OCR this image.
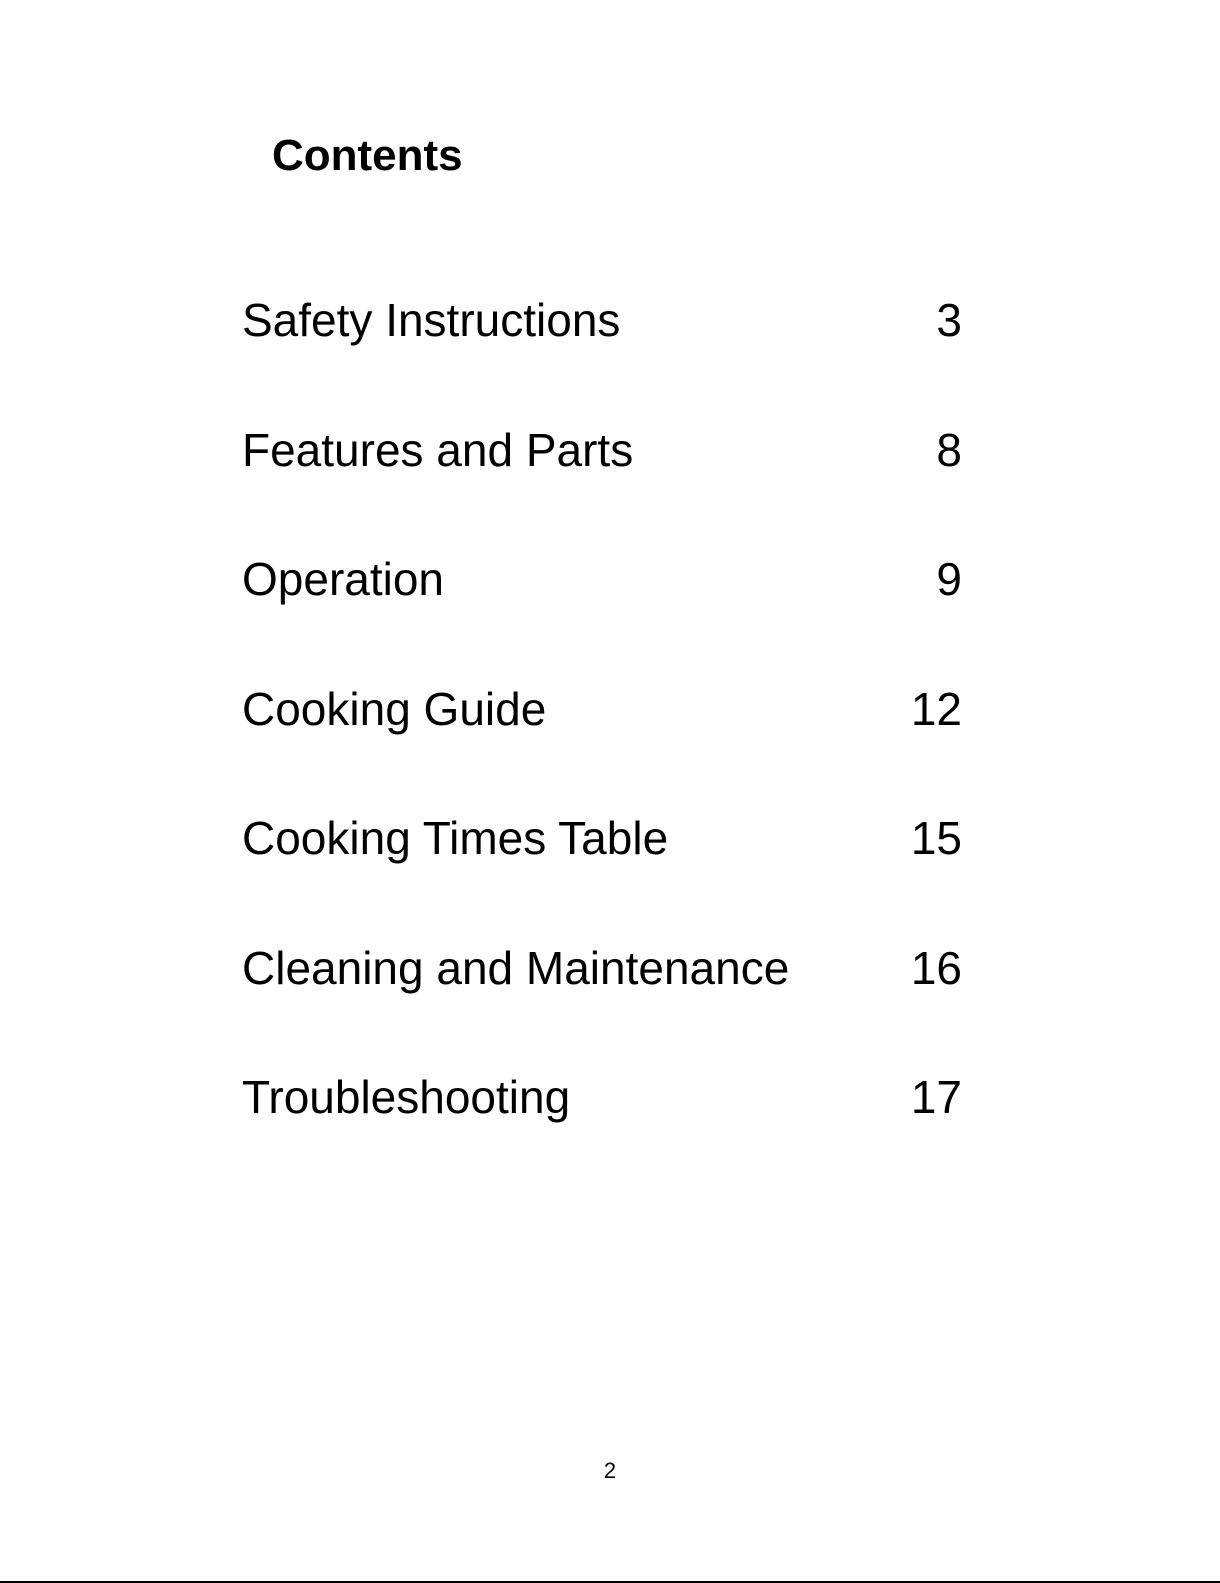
Contents
Safety Instructions	3
Features and Parts	8
Operation	9
Cooking Guide	12
Cooking Times Table	15
Cleaning and Maintenance	16
Troubleshooting	17
2
